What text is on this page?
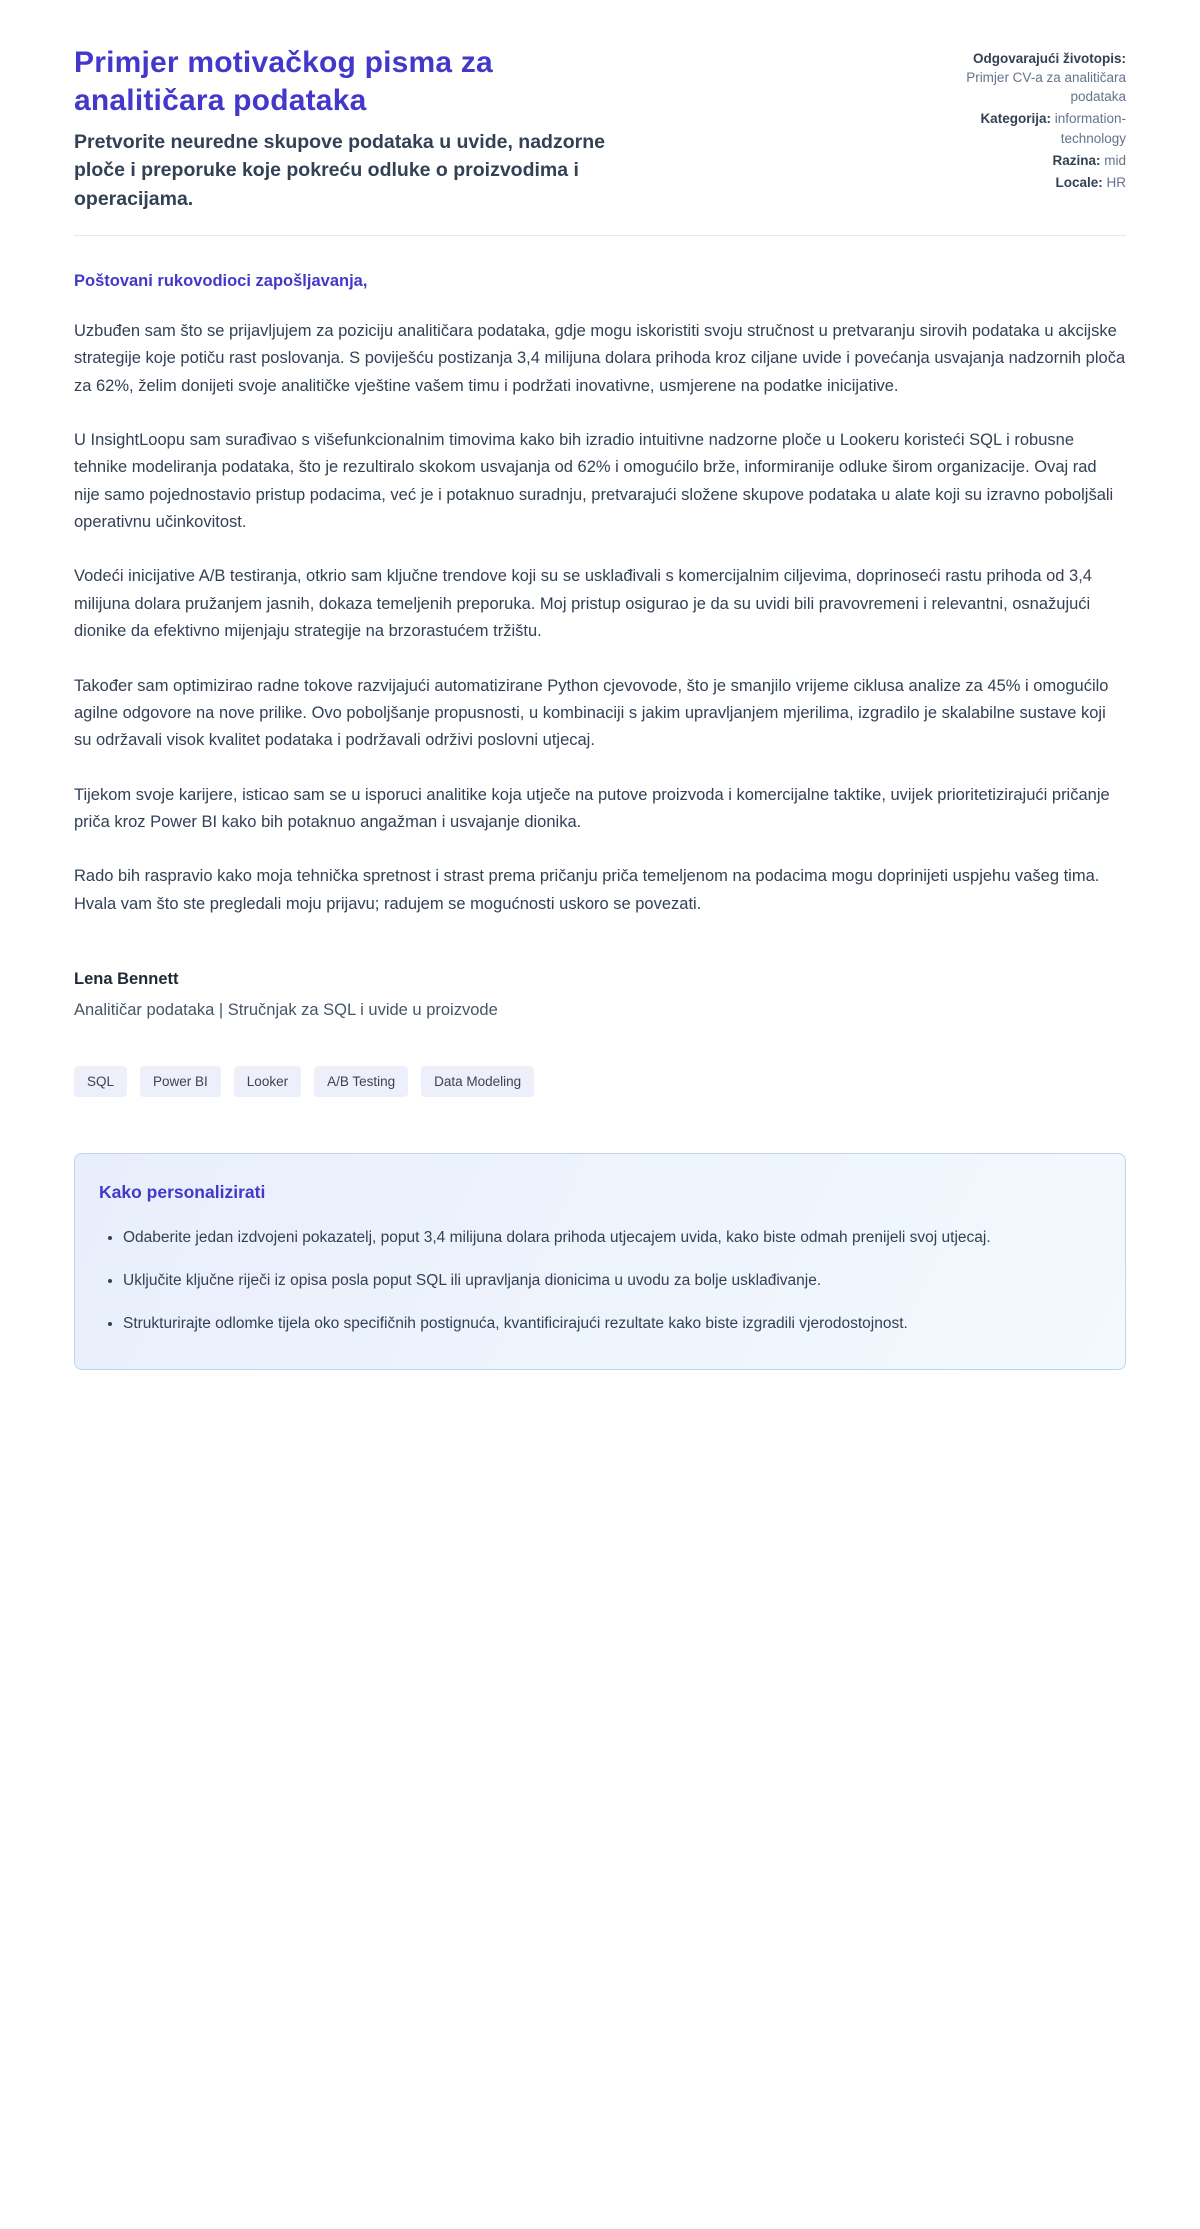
Primjer motivačkog pisma za analitičara podataka

Pretvorite neuredne skupove podataka u uvide, nadzorne ploče i preporuke koje pokreću odluke o proizvodima i operacijama.

Odgovarajući životopis: Primjer CV-a za analitičara podataka

Kategorija: information-technology

Razina: mid

Locale: HR

Poštovani rukovodioci zapošljavanja,

Uzbuđen sam što se prijavljujem za poziciju analitičara podataka, gdje mogu iskoristiti svoju stručnost u pretvaranju sirovih podataka u akcijske strategije koje potiču rast poslovanja. S poviješću postizanja 3,4 milijuna dolara prihoda kroz ciljane uvide i povećanja usvajanja nadzornih ploča za 62%, želim donijeti svoje analitičke vještine vašem timu i podržati inovativne, usmjerene na podatke inicijative.

U InsightLoopu sam surađivao s višefunkcionalnim timovima kako bih izradio intuitivne nadzorne ploče u Lookeru koristeći SQL i robusne tehnike modeliranja podataka, što je rezultiralo skokom usvajanja od 62% i omogućilo brže, informiranije odluke širom organizacije. Ovaj rad nije samo pojednostavio pristup podacima, već je i potaknuo suradnju, pretvarajući složene skupove podataka u alate koji su izravno poboljšali operativnu učinkovitost.

Vodeći inicijative A/B testiranja, otkrio sam ključne trendove koji su se usklađivali s komercijalnim ciljevima, doprinoseći rastu prihoda od 3,4 milijuna dolara pružanjem jasnih, dokaza temeljenih preporuka. Moj pristup osigurao je da su uvidi bili pravovremeni i relevantni, osnažujući dionike da efektivno mijenjaju strategije na brzorastućem tržištu.

Također sam optimizirao radne tokove razvijajući automatizirane Python cjevovode, što je smanjilo vrijeme ciklusa analize za 45% i omogućilo agilne odgovore na nove prilike. Ovo poboljšanje propusnosti, u kombinaciji s jakim upravljanjem mjerilima, izgradilo je skalabilne sustave koji su održavali visok kvalitet podataka i podržavali održivi poslovni utjecaj.

Tijekom svoje karijere, isticao sam se u isporuci analitike koja utječe na putove proizvoda i komercijalne taktike, uvijek prioritetizirajući pričanje priča kroz Power BI kako bih potaknuo angažman i usvajanje dionika.

Rado bih raspravio kako moja tehnička spretnost i strast prema pričanju priča temeljenom na podacima mogu doprinijeti uspjehu vašeg tima. Hvala vam što ste pregledali moju prijavu; radujem se mogućnosti uskoro se povezati.

Lena Bennett

Analitičar podataka | Stručnjak za SQL i uvide u proizvode

SQL	Power BI	Looker	A/B Testing	Data Modeling
Kako personalizirati
• Odaberite jedan izdvojeni pokazatelj, poput 3,4 milijuna dolara prihoda utjecajem uvida, kako biste odmah prenijeli svoj utjecaj.
• Uključite ključne riječi iz opisa posla poput SQL ili upravljanja dionicima u uvodu za bolje usklađivanje.
• Strukturirajte odlomke tijela oko specifičnih postignuća, kvantificirajući rezultate kako biste izgradili vjerodostojnost.
